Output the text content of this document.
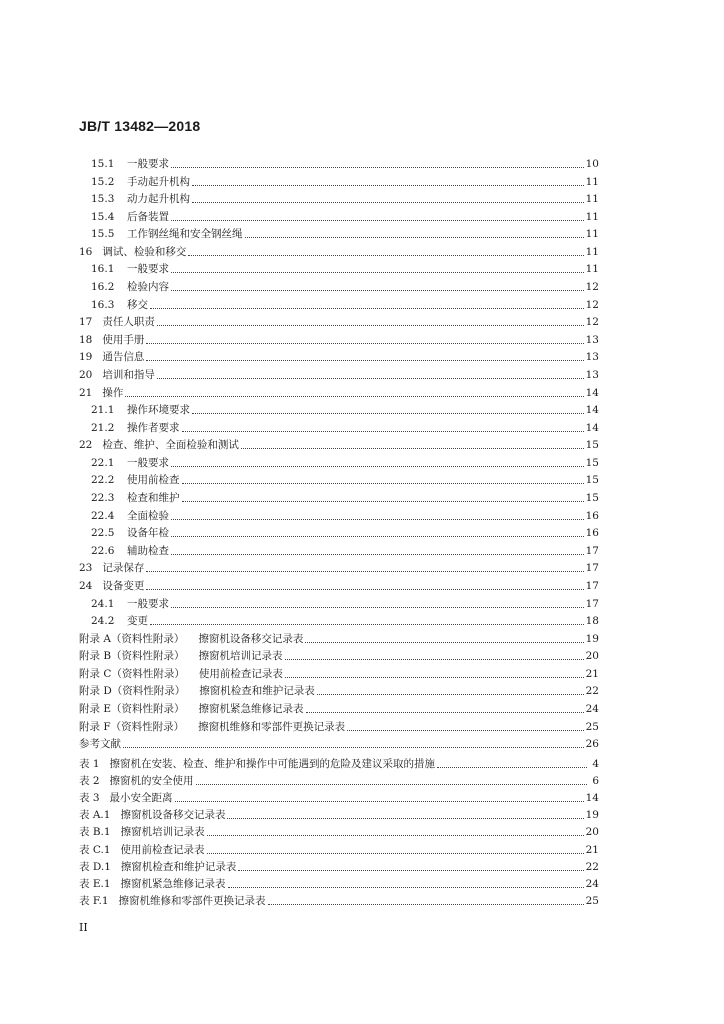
JB/T 13482—2018
15.1 一般要求	10
15.2 手动起升机构	11
15.3 动力起升机构	11
15.4 后备装置	11
15.5 工作钢丝绳和安全钢丝绳	11
16 调试、检验和移交	11
16.1 一般要求	11
16.2 检验内容	12
16.3 移交	12
17 责任人职责	12
18 使用手册	13
19 通告信息	13
20 培训和指导	13
21 操作	14
21.1 操作环境要求	14
21.2 操作者要求	14
22 检查、维护、全面检验和测试	15
22.1 一般要求	15
22.2 使用前检查	15
22.3 检查和维护	15
22.4 全面检验	16
22.5 设备年检	16
22.6 辅助检查	17
23 记录保存	17
24 设备变更	17
24.1 一般要求	17
24.2 变更	18
附录 A（资料性附录） 擦窗机设备移交记录表	19
附录 B（资料性附录） 擦窗机培训记录表	20
附录 C（资料性附录） 使用前检查记录表	21
附录 D（资料性附录） 擦窗机检查和维护记录表	22
附录 E（资料性附录） 擦窗机紧急维修记录表	24
附录 F（资料性附录） 擦窗机维修和零部件更换记录表	25
参考文献	26
表 1 擦窗机在安装、检查、维护和操作中可能遇到的危险及建议采取的措施	4
表 2 擦窗机的安全使用	6
表 3 最小安全距离	14
表 A.1 擦窗机设备移交记录表	19
表 B.1 擦窗机培训记录表	20
表 C.1 使用前检查记录表	21
表 D.1 擦窗机检查和维护记录表	22
表 E.1 擦窗机紧急维修记录表	24
表 F.1 擦窗机维修和零部件更换记录表	25
II
